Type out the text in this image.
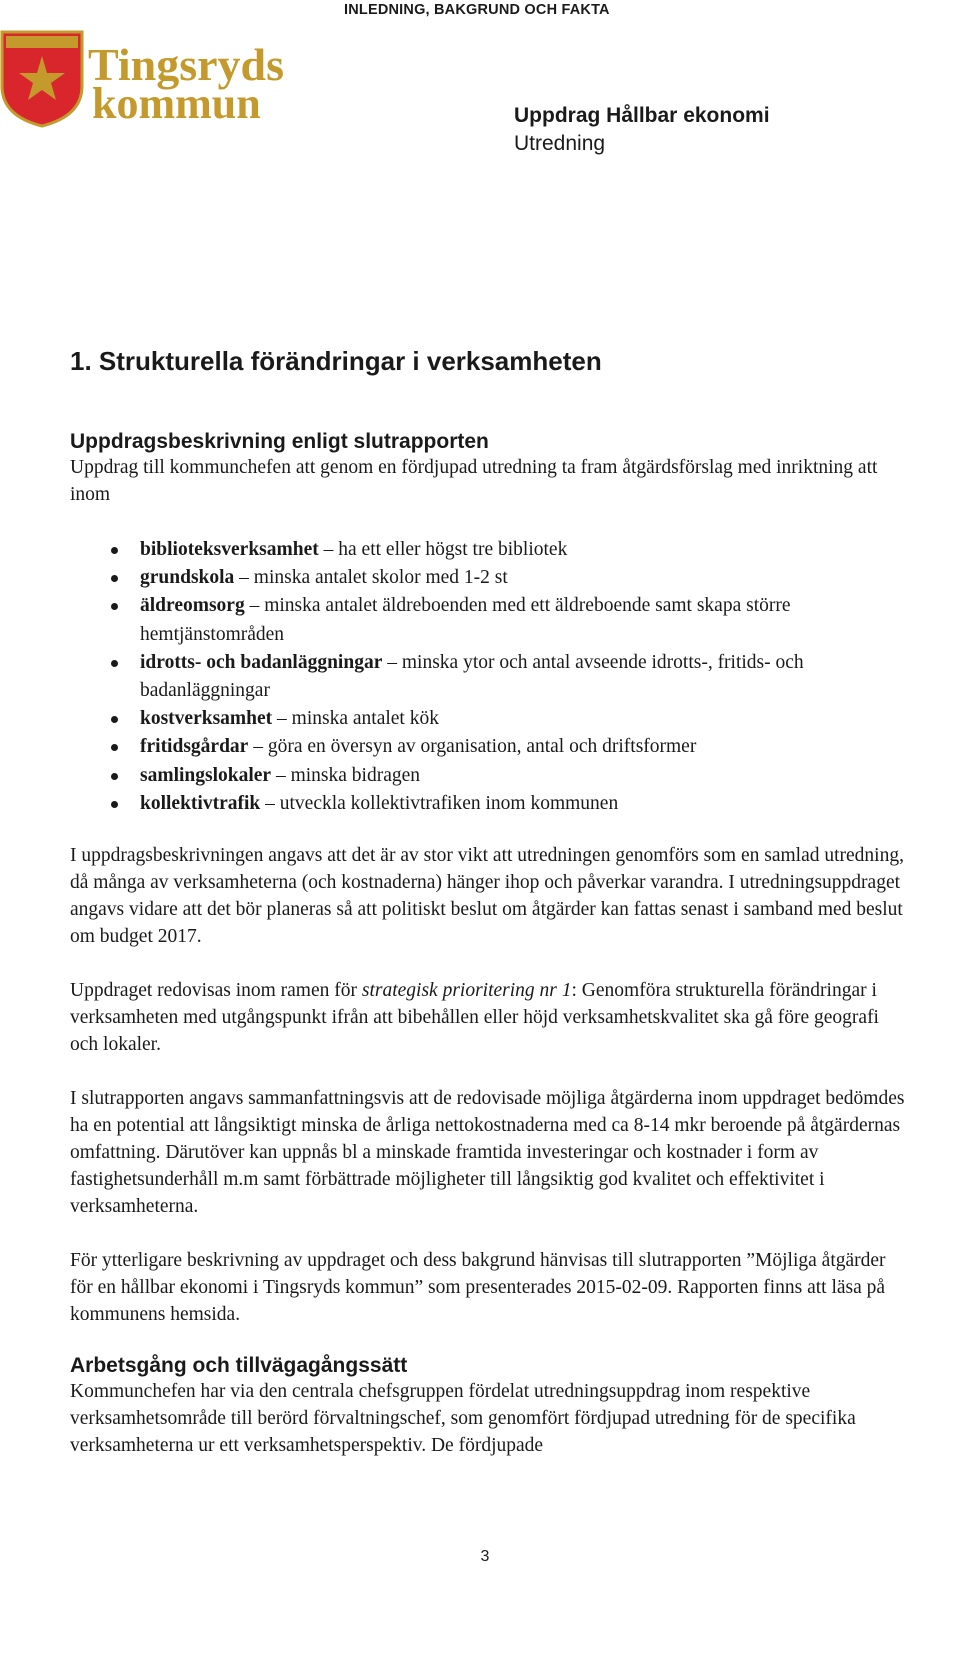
INLEDNING, BAKGRUND OCH FAKTA
Tingsryds
kommun	Uppdrag Hållbar ekonomi
Utredning
1. Strukturella förändringar i verksamheten
Uppdragsbeskrivning enligt slutrapporten

Uppdrag till kommunchefen att genom en fördjupad utredning ta fram åtgärdsförslag med inriktning att inom

biblioteksverksamhet – ha ett eller högst tre bibliotek
grundskola – minska antalet skolor med 1-2 st
äldreomsorg – minska antalet äldreboenden med ett äldreboende samt skapa större hemtjänstområden
idrotts- och badanläggningar – minska ytor och antal avseende idrotts-, fritids- och badanläggningar
kostverksamhet – minska antalet kök
fritidsgårdar – göra en översyn av organisation, antal och driftsformer
samlingslokaler – minska bidragen
kollektivtrafik – utveckla kollektivtrafiken inom kommunen

I uppdragsbeskrivningen angavs att det är av stor vikt att utredningen genomförs som en samlad utredning, då många av verksamheterna (och kostnaderna) hänger ihop och påverkar varandra. I utredningsuppdraget angavs vidare att det bör planeras så att politiskt beslut om åtgärder kan fattas senast i samband med beslut om budget 2017.

Uppdraget redovisas inom ramen för strategisk prioritering nr 1: Genomföra strukturella förändringar i verksamheten med utgångspunkt ifrån att bibehållen eller höjd verksamhetskvalitet ska gå före geografi och lokaler.

I slutrapporten angavs sammanfattningsvis att de redovisade möjliga åtgärderna inom uppdraget bedömdes ha en potential att långsiktigt minska de årliga nettokostnaderna med ca 8-14 mkr beroende på åtgärdernas omfattning. Därutöver kan uppnås bl a minskade framtida investeringar och kostnader i form av fastighetsunderhåll m.m samt förbättrade möjligheter till långsiktig god kvalitet och effektivitet i verksamheterna.

För ytterligare beskrivning av uppdraget och dess bakgrund hänvisas till slutrapporten ”Möjliga åtgärder för en hållbar ekonomi i Tingsryds kommun” som presenterades 2015-02-09. Rapporten finns att läsa på kommunens hemsida.

Arbetsgång och tillvägagångssätt

Kommunchefen har via den centrala chefsgruppen fördelat utredningsuppdrag inom respektive verksamhetsområde till berörd förvaltningschef, som genomfört fördjupad utredning för de specifika verksamheterna ur ett verksamhetsperspektiv. De fördjupade

3
